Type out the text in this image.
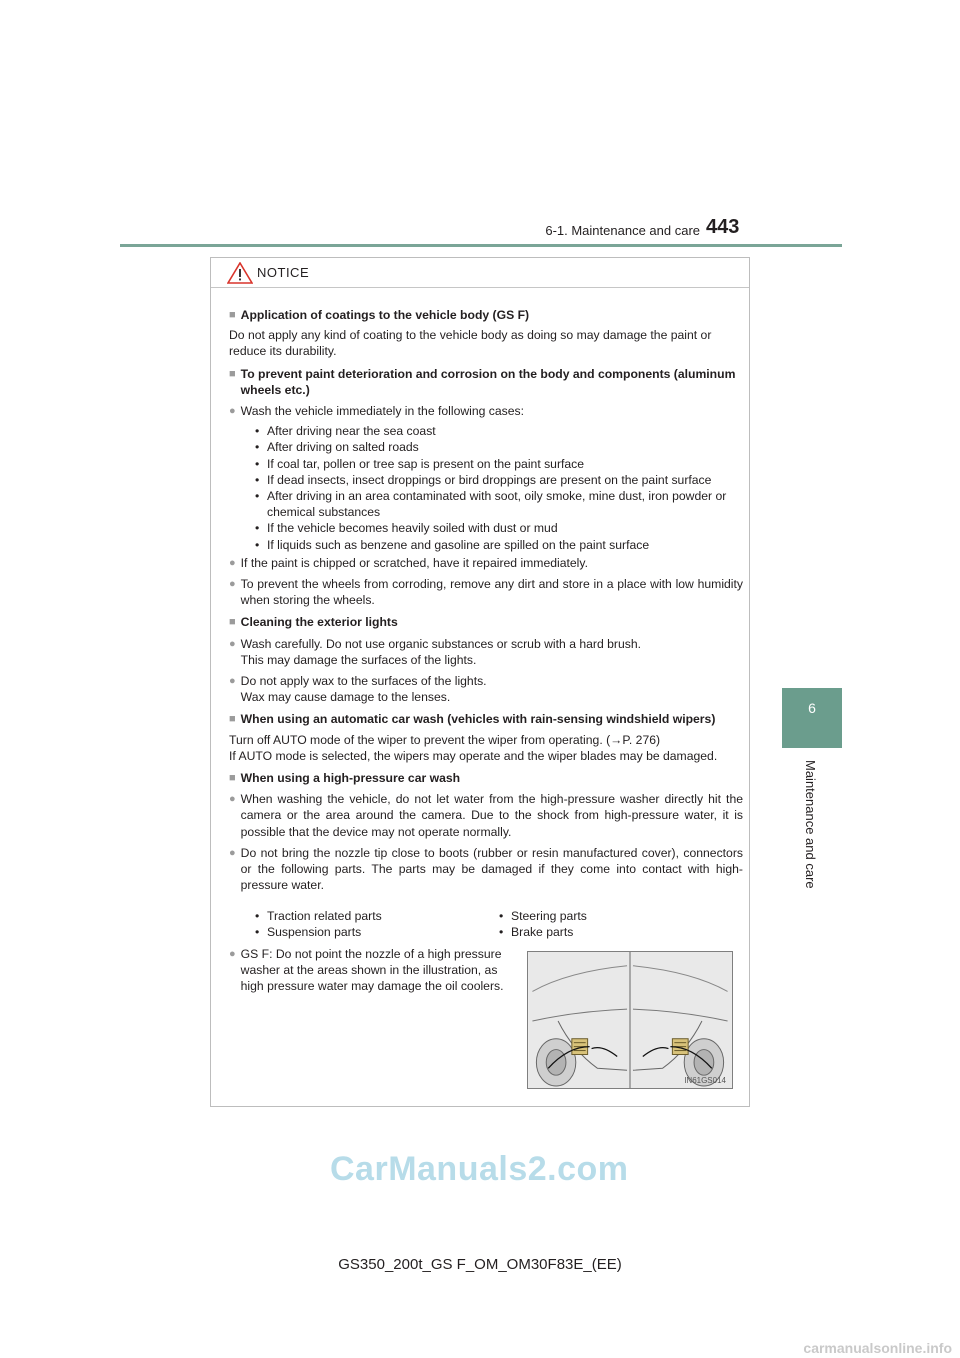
6-1. Maintenance and care 443
6
Maintenance and care
NOTICE
■ Application of coatings to the vehicle body (GS F)
Do not apply any kind of coating to the vehicle body as doing so may damage the paint or reduce its durability.
■ To prevent paint deterioration and corrosion on the body and components (aluminum wheels etc.)
● Wash the vehicle immediately in the following cases:
• After driving near the sea coast
• After driving on salted roads
• If coal tar, pollen or tree sap is present on the paint surface
• If dead insects, insect droppings or bird droppings are present on the paint surface
• After driving in an area contaminated with soot, oily smoke, mine dust, iron powder or chemical substances
• If the vehicle becomes heavily soiled with dust or mud
• If liquids such as benzene and gasoline are spilled on the paint surface
● If the paint is chipped or scratched, have it repaired immediately.
● To prevent the wheels from corroding, remove any dirt and store in a place with low humidity when storing the wheels.
■ Cleaning the exterior lights
● Wash carefully. Do not use organic substances or scrub with a hard brush.
This may damage the surfaces of the lights.
● Do not apply wax to the surfaces of the lights.
Wax may cause damage to the lenses.
■ When using an automatic car wash (vehicles with rain-sensing windshield wipers)
Turn off AUTO mode of the wiper to prevent the wiper from operating. (→P. 276)
If AUTO mode is selected, the wipers may operate and the wiper blades may be damaged.
■ When using a high-pressure car wash
● When washing the vehicle, do not let water from the high-pressure washer directly hit the camera or the area around the camera. Due to the shock from high-pressure water, it is possible that the device may not operate normally.
● Do not bring the nozzle tip close to boots (rubber or resin manufactured cover), connectors or the following parts. The parts may be damaged if they come into contact with high-pressure water.
• Traction related parts
• Suspension parts
• Steering parts
• Brake parts
● GS F: Do not point the nozzle of a high pressure washer at the areas shown in the illustration, as high pressure water may damage the oil coolers.
IN61GS014
CarManuals2.com
GS350_200t_GS F_OM_OM30F83E_(EE)
carmanualsonline.info
